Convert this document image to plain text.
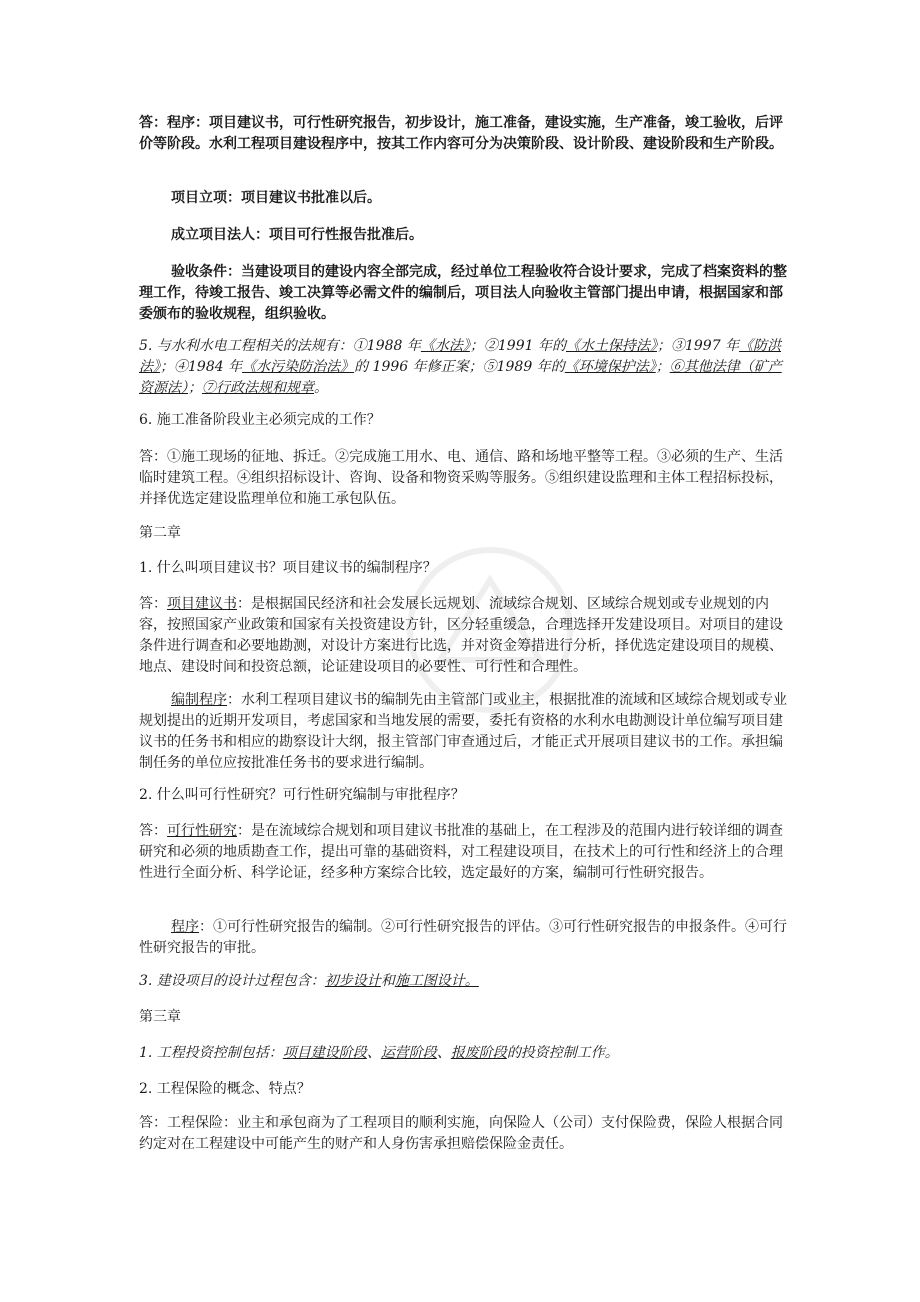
答：程序：项目建议书，可行性研究报告，初步设计，施工准备，建设实施，生产准备，竣工验收，后评价等阶段。水利工程项目建设程序中，按其工作内容可分为决策阶段、设计阶段、建设阶段和生产阶段。

项目立项：项目建议书批准以后。

成立项目法人：项目可行性报告批准后。

验收条件：当建设项目的建设内容全部完成，经过单位工程验收符合设计要求，完成了档案资料的整理工作，待竣工报告、竣工决算等必需文件的编制后，项目法人向验收主管部门提出申请，根据国家和部委颁布的验收规程，组织验收。

5. 与水利水电工程相关的法规有：①1988 年《水法》；②1991 年的《水土保持法》；③1997 年《防洪法》；④1984 年《水污染防治法》的 1996 年修正案；⑤1989 年的《环境保护法》；⑥其他法律（矿产资源法）；⑦行政法规和规章。

6. 施工准备阶段业主必须完成的工作？

答：①施工现场的征地、拆迁。②完成施工用水、电、通信、路和场地平整等工程。③必须的生产、生活临时建筑工程。④组织招标设计、咨询、设备和物资采购等服务。⑤组织建设监理和主体工程招标投标，并择优选定建设监理单位和施工承包队伍。

第二章

1. 什么叫项目建议书？项目建议书的编制程序？

答：项目建议书：是根据国民经济和社会发展长远规划、流域综合规划、区域综合规划或专业规划的内容，按照国家产业政策和国家有关投资建设方针，区分轻重缓急，合理选择开发建设项目。对项目的建设条件进行调查和必要地勘测，对设计方案进行比选，并对资金筹措进行分析，择优选定建设项目的规模、地点、建设时间和投资总额，论证建设项目的必要性、可行性和合理性。

编制程序：水利工程项目建议书的编制先由主管部门或业主，根据批准的流域和区域综合规划或专业规划提出的近期开发项目，考虑国家和当地发展的需要，委托有资格的水利水电勘测设计单位编写项目建议书的任务书和相应的勘察设计大纲，报主管部门审查通过后，才能正式开展项目建议书的工作。承担编制任务的单位应按批准任务书的要求进行编制。

2. 什么叫可行性研究？可行性研究编制与审批程序？

答：可行性研究：是在流域综合规划和项目建议书批准的基础上，在工程涉及的范围内进行较详细的调查研究和必须的地质勘查工作，提出可靠的基础资料，对工程建设项目，在技术上的可行性和经济上的合理性进行全面分析、科学论证，经多种方案综合比较，选定最好的方案，编制可行性研究报告。

程序：①可行性研究报告的编制。②可行性研究报告的评估。③可行性研究报告的申报条件。④可行性研究报告的审批。

3. 建设项目的设计过程包含：初步设计和施工图设计。

第三章

1. 工程投资控制包括：项目建设阶段、运营阶段、报废阶段的投资控制工作。

2. 工程保险的概念、特点？

答：工程保险：业主和承包商为了工程项目的顺利实施，向保险人（公司）支付保险费，保险人根据合同约定对在工程建设中可能产生的财产和人身伤害承担赔偿保险金责任。
